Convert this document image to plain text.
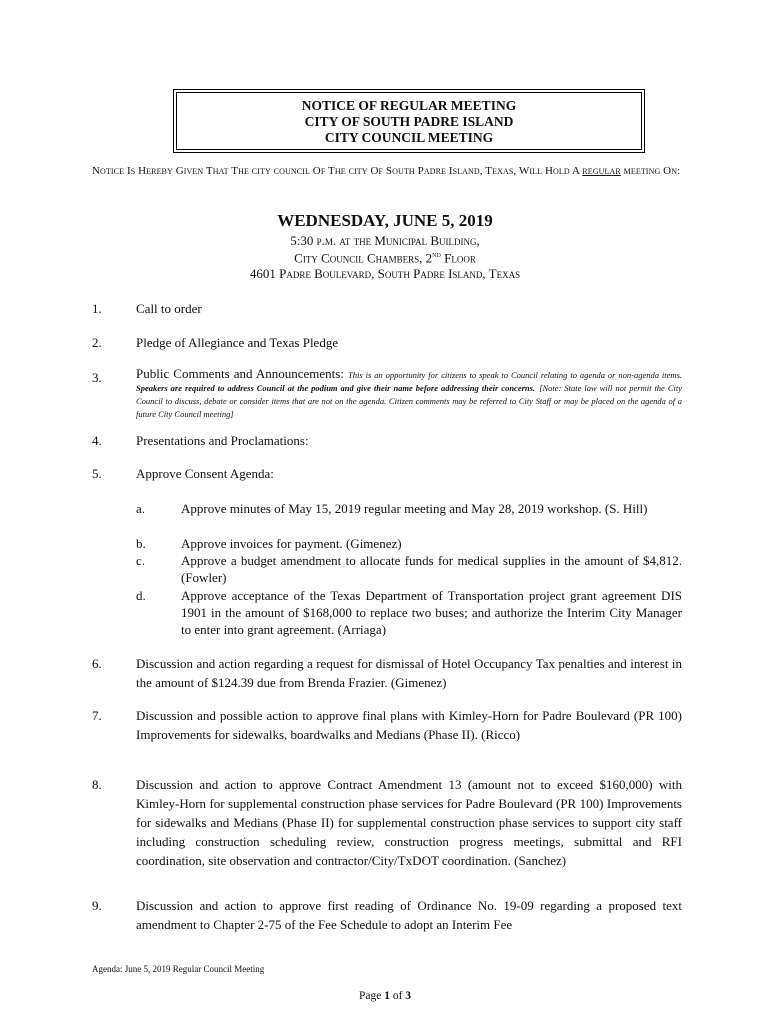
NOTICE OF REGULAR MEETING
CITY OF SOUTH PADRE ISLAND
CITY COUNCIL MEETING
Notice Is Hereby Given That The city council Of The city Of South Padre Island, Texas, Will Hold A regular meeting On:
WEDNESDAY, JUNE 5, 2019
5:30 p.m. at the Municipal Building,
City Council Chambers, 2nd Floor
4601 Padre Boulevard, South Padre Island, Texas
1.	Call to order
2.	Pledge of Allegiance and Texas Pledge
3.	Public Comments and Announcements: This is an opportunity for citizens to speak to Council relating to agenda or non-agenda items. Speakers are required to address Council at the podium and give their name before addressing their concerns. [Note: State law will not permit the City Council to discuss, debate or consider items that are not on the agenda. Citizen comments may be referred to City Staff or may be placed on the agenda of a future City Council meeting]
4.	Presentations and Proclamations:
5.	Approve Consent Agenda:
a.	Approve minutes of May 15, 2019 regular meeting and May 28, 2019 workshop. (S. Hill)
b.	Approve invoices for payment. (Gimenez)
c.	Approve a budget amendment to allocate funds for medical supplies in the amount of $4,812. (Fowler)
d.	Approve acceptance of the Texas Department of Transportation project grant agreement DIS 1901 in the amount of $168,000 to replace two buses; and authorize the Interim City Manager to enter into grant agreement. (Arriaga)
6.	Discussion and action regarding a request for dismissal of Hotel Occupancy Tax penalties and interest in the amount of $124.39 due from Brenda Frazier. (Gimenez)
7.	Discussion and possible action to approve final plans with Kimley-Horn for Padre Boulevard (PR 100) Improvements for sidewalks, boardwalks and Medians (Phase II). (Ricco)
8.	Discussion and action to approve Contract Amendment 13 (amount not to exceed $160,000) with Kimley-Horn for supplemental construction phase services for Padre Boulevard (PR 100) Improvements for sidewalks and Medians (Phase II) for supplemental construction phase services to support city staff including construction scheduling review, construction progress meetings, submittal and RFI coordination, site observation and contractor/City/TxDOT coordination. (Sanchez)
9.	Discussion and action to approve first reading of Ordinance No. 19-09 regarding a proposed text amendment to Chapter 2-75 of the Fee Schedule to adopt an Interim Fee
Agenda: June 5, 2019 Regular Council Meeting
Page 1 of 3
